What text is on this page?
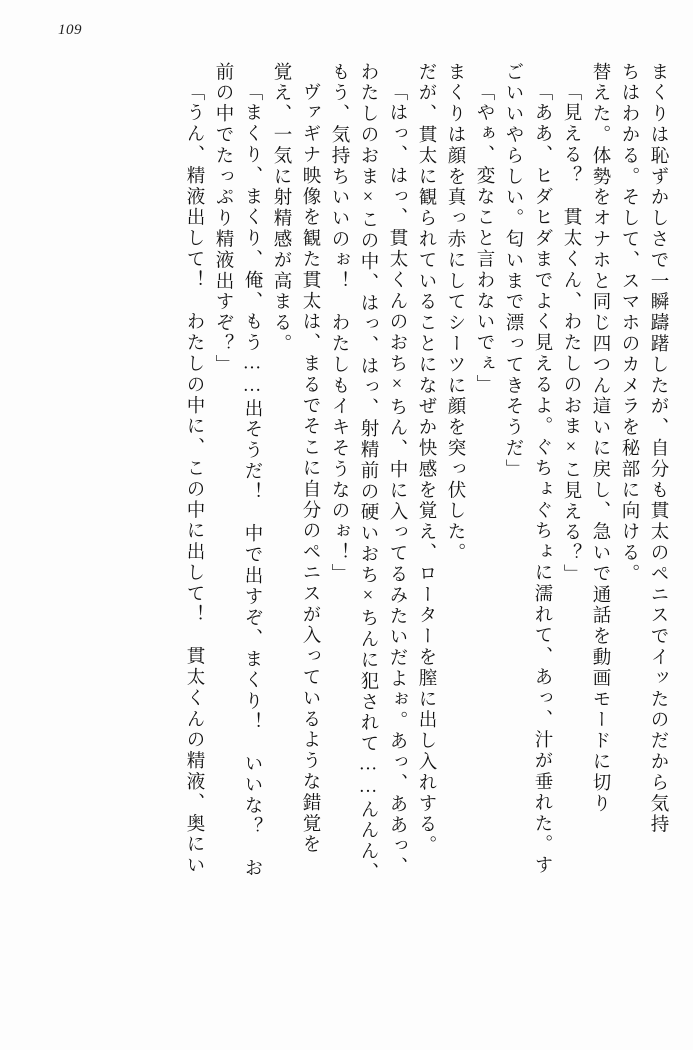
109
まくりは恥ずかしさで一瞬躊躇したが、自分も貫太のペニスでイッたのだから気持
ちはわかる。そして、スマホのカメラを秘部に向ける。
替えた。体勢をオナホと同じ四つん這いに戻し、急いで通話を動画モードに切り
「見える？　貫太くん、わたしのおま×こ見える？」
「ああ、ヒダヒダまでよく見えるよ。ぐちょぐちょに濡れて、あっ、汁が垂れた。す
ごいいやらしい。匂いまで漂ってきそうだ」
「やぁ、変なこと言わないでぇ」
まくりは顔を真っ赤にしてシーツに顔を突っ伏した。
だが、貫太に観られていることになぜか快感を覚え、ローターを膣に出し入れする。
「はっ、はっ、貫太くんのおち×ちん、中に入ってるみたいだよぉ。あっ、ああっ、
わたしのおま×この中、はっ、はっ、射精前の硬いおち×ちんに犯されて……んんん、
もう、気持ちいいのぉ！　わたしもイキそうなのぉ！」
ヴァギナ映像を観た貫太は、まるでそこに自分のペニスが入っているような錯覚を
覚え、一気に射精感が高まる。
「まくり、まくり、俺、もう……出そうだ！　中で出すぞ、まくり！　いいな？　お
前の中でたっぷり精液出すぞ？」
「うん、精液出して！　わたしの中に、この中に出して！　貫太くんの精液、奥にい
